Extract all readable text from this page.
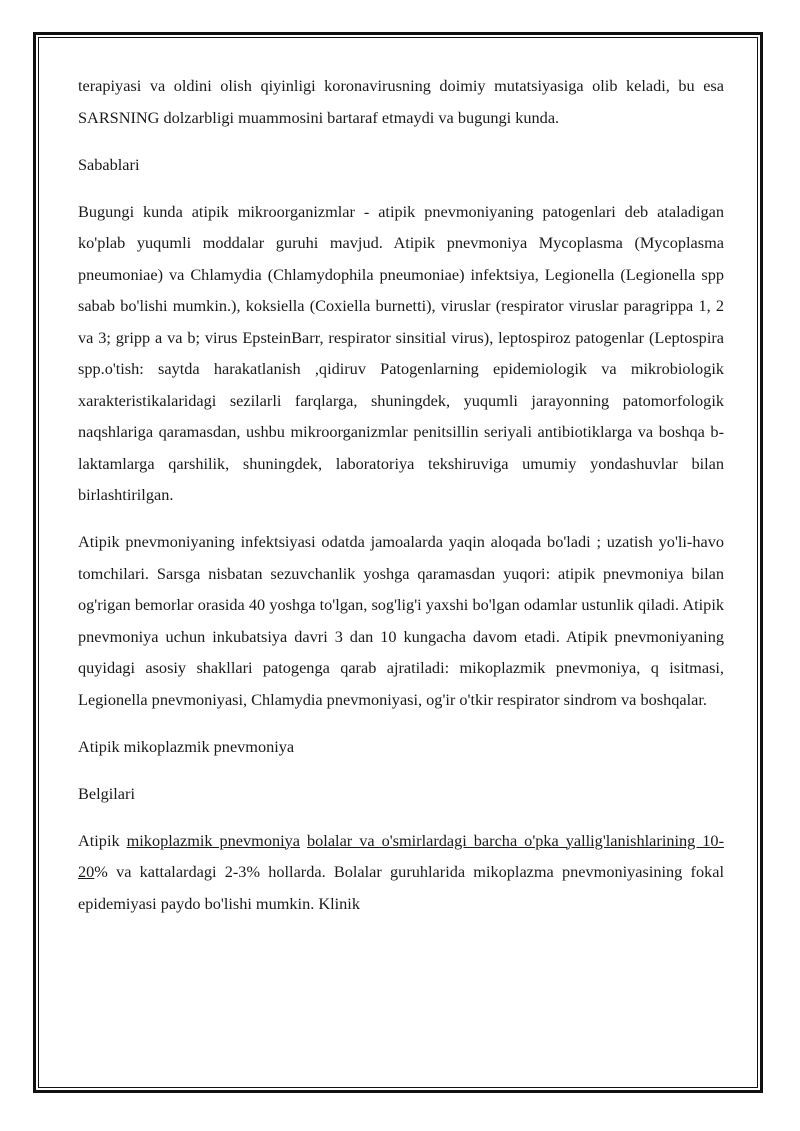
terapiyasi va oldini olish qiyinligi koronavirusning doimiy mutatsiyasiga olib keladi, bu esa SARSNING dolzarbligi muammosini bartaraf etmaydi va bugungi kunda.

Sabablari

Bugungi kunda atipik mikroorganizmlar - atipik pnevmoniyaning patogenlari deb ataladigan ko'plab yuqumli moddalar guruhi mavjud. Atipik pnevmoniya Mycoplasma (Mycoplasma pneumoniae) va Chlamydia (Chlamydophila pneumoniae) infektsiya, Legionella (Legionella spp sabab bo'lishi mumkin.), koksiella (Coxiella burnetti), viruslar (respirator viruslar paragrippa 1, 2 va 3; gripp a va b; virus EpsteinBarr, respirator sinsitial virus), leptospiroz patogenlar (Leptospira spp.o'tish: saytda harakatlanish ,qidiruv Patogenlarning epidemiologik va mikrobiologik xarakteristikalaridagi sezilarli farqlarga, shuningdek, yuqumli jarayonning patomorfologik naqshlariga qaramasdan, ushbu mikroorganizmlar penitsillin seriyali antibiotiklarga va boshqa b-laktamlarga qarshilik, shuningdek, laboratoriya tekshiruviga umumiy yondashuvlar bilan birlashtirilgan.

Atipik pnevmoniyaning infektsiyasi odatda jamoalarda yaqin aloqada bo'ladi ; uzatish yo'li-havo tomchilari. Sarsga nisbatan sezuvchanlik yoshga qaramasdan yuqori: atipik pnevmoniya bilan og'rigan bemorlar orasida 40 yoshga to'lgan, sog'lig'i yaxshi bo'lgan odamlar ustunlik qiladi. Atipik pnevmoniya uchun inkubatsiya davri 3 dan 10 kungacha davom etadi. Atipik pnevmoniyaning quyidagi asosiy shakllari patogenga qarab ajratiladi: mikoplazmik pnevmoniya, q isitmasi, Legionella pnevmoniyasi, Chlamydia pnevmoniyasi, og'ir o'tkir respirator sindrom va boshqalar.

Atipik mikoplazmik pnevmoniya

Belgilari

Atipik mikoplazmik pnevmoniya bolalar va o'smirlardagi barcha o'pka yallig'lanishlarining 10-20% va kattalardagi 2-3% hollarda. Bolalar guruhlarida mikoplazma pnevmoniyasining fokal epidemiyasi paydo bo'lishi mumkin. Klinik
